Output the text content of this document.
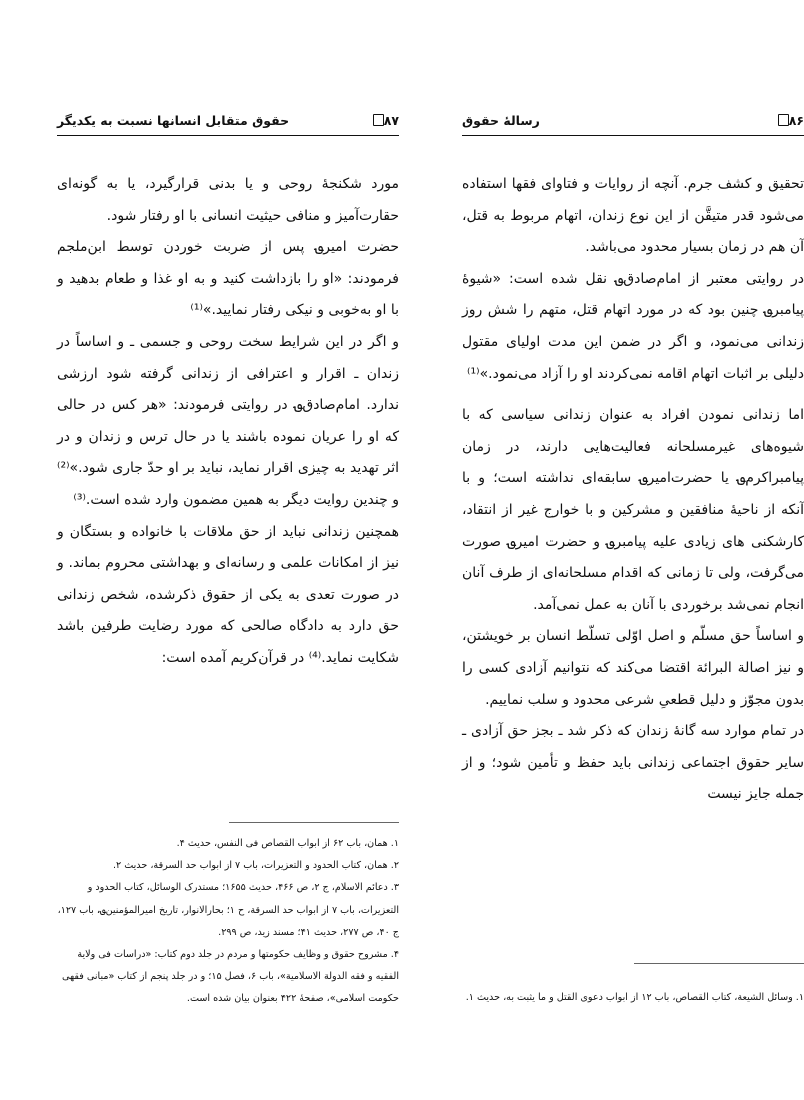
۸۷
حقوق متقابل انسانها نسبت به یکدیگر

مورد شکنجهٔ روحی و یا بدنی قرارگیرد، یا به گونه‌ای حقارت‌آمیز و منافی حیثیت انسانی با او رفتار شود.

حضرت امیر؈ پس از ضربت خوردن توسط ابن‌ملجم فرمودند: «او را بازداشت کنید و به او غذا و طعام بدهید و با او به‌خوبی و نیکی رفتار نمایید.»⁽¹⁾

و اگر در این شرایط سخت روحی و جسمی ـ و اساساً در زندان ـ اقرار و اعترافی از زندانی گرفته شود ارزشی ندارد. امام‌صادق؈ در روایتی فرمودند: «هر کس در حالی که او را عریان نموده باشند یا در حال ترس و زندان و در اثر تهدید به چیزی اقرار نماید، نباید بر او حدّ جاری شود.»⁽²⁾ و چندین روایت دیگر به همین مضمون وارد شده است.⁽³⁾

همچنین زندانی نباید از حق ملاقات با خانواده و بستگان و نیز از امکانات علمی و رسانه‌ای و بهداشتی محروم بماند. و در صورت تعدی به یکی از حقوق ذکرشده، شخص زندانی حق دارد به دادگاه صالحی که مورد رضایت طرفین باشد شکایت نماید.⁽⁴⁾ در قرآن‌کریم آمده است:

۱. همان، باب ۶۲ از ابواب القصاص فی النفس، حدیث ۴.
۲. همان، کتاب الحدود و التعزیرات، باب ۷ از ابواب حد السرقة، حدیث ۲.
۳. دعائم الاسلام، ج ۲، ص ۴۶۶، حدیث ۱۶۵۵؛ مستدرک الوسائل، کتاب الحدود و التعزیرات، باب ۷ از ابواب حد السرقة، ح ۱؛ بحارالانوار، تاریخ امیرالمؤمنین؈، باب ۱۲۷، ج ۴۰، ص ۲۷۷، حدیث ۴۱؛ مسند زید، ص ۲۹۹.
۴. مشروح حقوق و وظایف حکومتها و مردم در جلد دوم کتاب: «دراسات فی ولایة الفقیه و فقه الدولة الاسلامیة»، باب ۶، فصل ۱۵؛ و در جلد پنجم از کتاب «مبانی فقهی حکومت اسلامی»، صفحهٔ ۴۲۲ بعنوان بیان شده است.
۸۶
رسالهٔ حقوق

تحقیق و کشف جرم. آنچه از روایات و فتاوای فقها استفاده می‌شود قدر متیقَّن از این نوع زندان، اتهام مربوط به قتل، آن هم در زمان بسیار محدود می‌باشد.

در روایتی معتبر از امام‌صادق؈ نقل شده است: «شیوهٔ پیامبر؈ چنین بود که در مورد اتهام قتل، متهم را شش روز زندانی می‌نمود، و اگر در ضمن این مدت اولیای مقتول دلیلی بر اثبات اتهام اقامه نمی‌کردند او را آزاد می‌نمود.»⁽¹⁾

اما زندانی نمودن افراد به عنوان زندانی سیاسی که با شیوه‌های غیرمسلحانه فعالیت‌هایی دارند، در زمان پیامبراکرم؈ یا حضرت‌امیر؈ سابقه‌ای نداشته است؛ و با آنکه از ناحیهٔ منافقین و مشرکین و با خوارج غیر از انتقاد، کارشکنی های زیادی علیه پیامبر؈ و حضرت امیر؈ صورت می‌گرفت، ولی تا زمانی که اقدام مسلحانه‌ای از طرف آنان انجام نمی‌شد برخوردی با آنان به عمل نمی‌آمد.

و اساساً حق مسلّم و اصل اوّلی تسلّط انسان بر خویشتن، و نیز اصالة البرائة اقتضا می‌کند که نتوانیم آزادی کسی را بدون مجوّز و دلیل قطعیِ شرعی محدود و سلب نماییم.

در تمام موارد سه گانهٔ زندان که ذکر شد ـ بجز حق آزادی ـ سایر حقوق اجتماعی زندانی باید حفظ و تأمین شود؛ و از جمله جایز نیست

۱. وسائل الشیعة، کتاب القصاص، باب ۱۲ از ابواب دعوی القتل و ما یثبت به، حدیث ۱.
